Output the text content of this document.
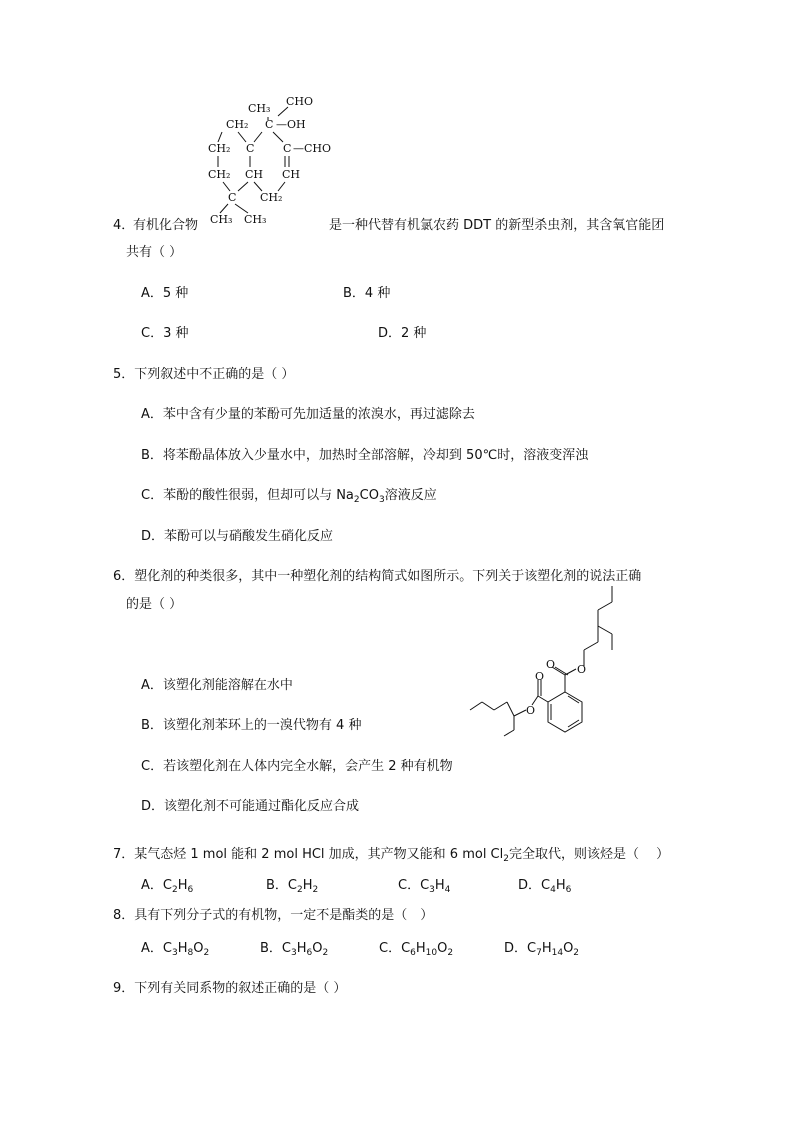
CH₃
CHO
CH₂ C —OH
CH₂ C	C —CHO
CH₂ CH CH
C CH₂
CH₃ CH₃
4．
有机化合物	是一种代替有机氯农药 DDT 的新型杀虫剂，其含氧官能团
共有（ ）
A．5 种	B．4 种
C．3 种	D．2 种
5．下列叙述中不正确的是（ ）
A．苯中含有少量的苯酚可先加适量的浓溴水，再过滤除去
B．将苯酚晶体放入少量水中，加热时全部溶解，冷却到 50℃时，溶液变浑浊
C．苯酚的酸性很弱，但却可以与 $Na_2CO_3$溶液反应
D．苯酚可以与硝酸发生硝化反应
6．塑化剂的种类很多，其中一种塑化剂的结构简式如图所示。下列关于该塑化剂的说法正确
的是（ ）
A．该塑化剂能溶解在水中
B．该塑化剂苯环上的一溴代物有 4 种
C．若该塑化剂在人体内完全水解，会产生 2 种有机物
D．该塑化剂不可能通过酯化反应合成
O O
O
O
7．某气态烃 1 mol 能和 2 mol HCl 加成，其产物又能和 6 mol $Cl_2$完全取代，则该烃是（　 ）
A．$C_2H_6$	B．$C_2H_2$	C．$C_3H_4$	D．$C_4H_6$
8．具有下列分子式的有机物，一定不是酯类的是（　）
A．$C_3H_8O_2$	B．$C_3H_6O_2$	C．$C_6H_{10}O_2$	D．$C_7H_{14}O_2$
9．下列有关同系物的叙述正确的是（ ）
